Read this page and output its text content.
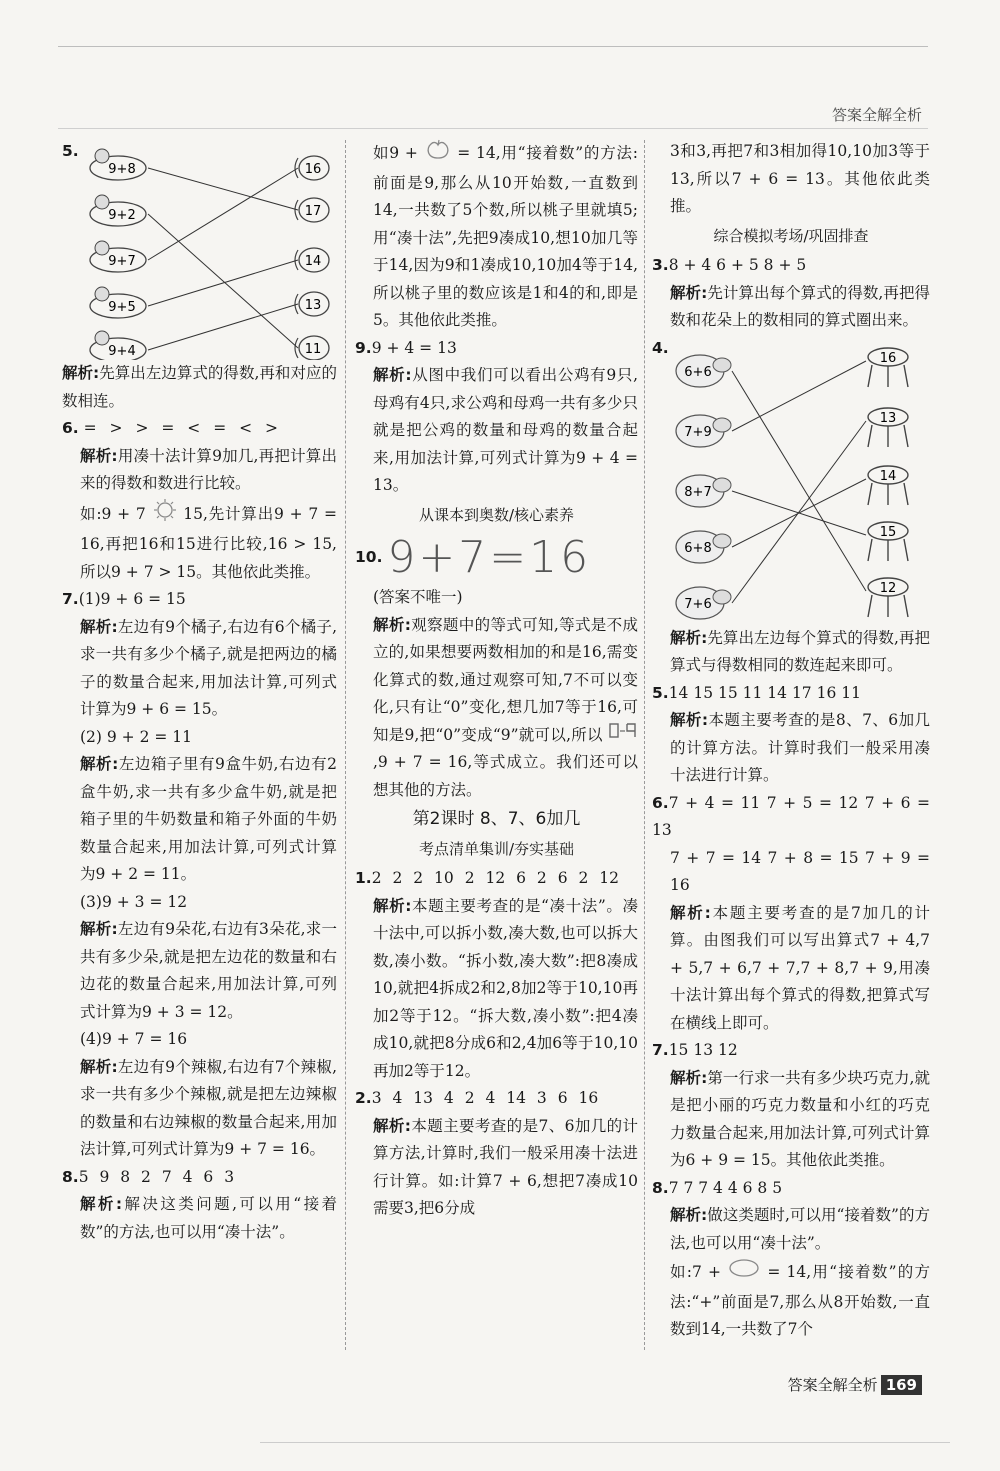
答案全解全析
5.
9+8
9+2
9+7
9+5
9+4
16
17
14
13
11

解析:先算出左边算式的得数,再和对应的数相连。

6. = > > = < = < >

解析:用凑十法计算9加几,再把计算出来的得数和数进行比较。

如:9 + 7 15,先计算出9 + 7 = 16,再把16和15进行比较,16 > 15,所以9 + 7 > 15。其他依此类推。

7.(1)9 + 6 = 15

解析:左边有9个橘子,右边有6个橘子,求一共有多少个橘子,就是把两边的橘子的数量合起来,用加法计算,可列式计算为9 + 6 = 15。

(2) 9 + 2 = 11

解析:左边箱子里有9盒牛奶,右边有2盒牛奶,求一共有多少盒牛奶,就是把箱子里的牛奶数量和箱子外面的牛奶数量合起来,用加法计算,可列式计算为9 + 2 = 11。

(3)9 + 3 = 12

解析:左边有9朵花,右边有3朵花,求一共有多少朵,就是把左边花的数量和右边花的数量合起来,用加法计算,可列式计算为9 + 3 = 12。

(4)9 + 7 = 16

解析:左边有9个辣椒,右边有7个辣椒,求一共有多少个辣椒,就是把左边辣椒的数量和右边辣椒的数量合起来,用加法计算,可列式计算为9 + 7 = 16。

8.5 9 8 2 7 4 6 3

解析:解决这类问题,可以用“接着数”的方法,也可以用“凑十法”。

如9 +	= 14,用“接着数”的方法:前面是9,那么从10开始数,一直数到14,一共数了5个数,所以桃子里就填5;用“凑十法”,先把9凑成10,想10加几等于14,因为9和1凑成10,10加4等于14,所以桃子里的数应该是1和4的和,即是5。其他依此类推。

9.9 + 4 = 13

解析:从图中我们可以看出公鸡有9只,母鸡有4只,求公鸡和母鸡一共有多少只就是把公鸡的数量和母鸡的数量合起来,用加法计算,可列式计算为9 + 4 = 13。

从课本到奥数/核心素养

10. 9+7=16

(答案不唯一)

解析:观察题中的等式可知,等式是不成立的,如果想要两数相加的和是16,需变化算式的数,通过观察可知,7不可以变化,只有让“0”变化,想几加7等于16,可知是9,把“0”变成“9”就可以,所以 ,9 + 7 = 16,等式成立。我们还可以想其他的方法。

第2课时 8、7、6加几

考点清单集训/夯实基础

1.2 2 2 10 2 12 6 2 6 2 12

解析:本题主要考查的是“凑十法”。凑十法中,可以拆小数,凑大数,也可以拆大数,凑小数。“拆小数,凑大数”:把8凑成10,就把4拆成2和2,8加2等于10,10再加2等于12。“拆大数,凑小数”:把4凑成10,就把8分成6和2,4加6等于10,10再加2等于12。

2.3 4 13 4 2 4 14 3 6 16

解析:本题主要考查的是7、6加几的计算方法,计算时,我们一般采用凑十法进行计算。如:计算7 + 6,想把7凑成10需要3,把6分成

3和3,再把7和3相加得10,10加3等于13,所以7 + 6 = 13。其他依此类推。

综合模拟考场/巩固排查

3.8 + 4 6 + 5 8 + 5

解析:先计算出每个算式的得数,再把得数和花朵上的数相同的算式圈出来。

4.
6+6
7+9
8+7
6+8
7+6
16
13
14
15
12

解析:先算出左边每个算式的得数,再把算式与得数相同的数连起来即可。

5.14 15 15 11 14 17 16 11

解析:本题主要考查的是8、7、6加几的计算方法。计算时我们一般采用凑十法进行计算。

6.7 + 4 = 11 7 + 5 = 12 7 + 6 = 13

7 + 7 = 14 7 + 8 = 15 7 + 9 = 16

解析:本题主要考查的是7加几的计算。由图我们可以写出算式7 + 4,7 + 5,7 + 6,7 + 7,7 + 8,7 + 9,用凑十法计算出每个算式的得数,把算式写在横线上即可。

7.15 13 12

解析:第一行求一共有多少块巧克力,就是把小丽的巧克力数量和小红的巧克力数量合起来,用加法计算,可列式计算为6 + 9 = 15。其他依此类推。

8.7 7 7 4 4 6 8 5

解析:做这类题时,可以用“接着数”的方法,也可以用“凑十法”。

如:7 +	= 14,用“接着数”的方法:“+”前面是7,那么从8开始数,一直数到14,一共数了7个

答案全解全析 169
